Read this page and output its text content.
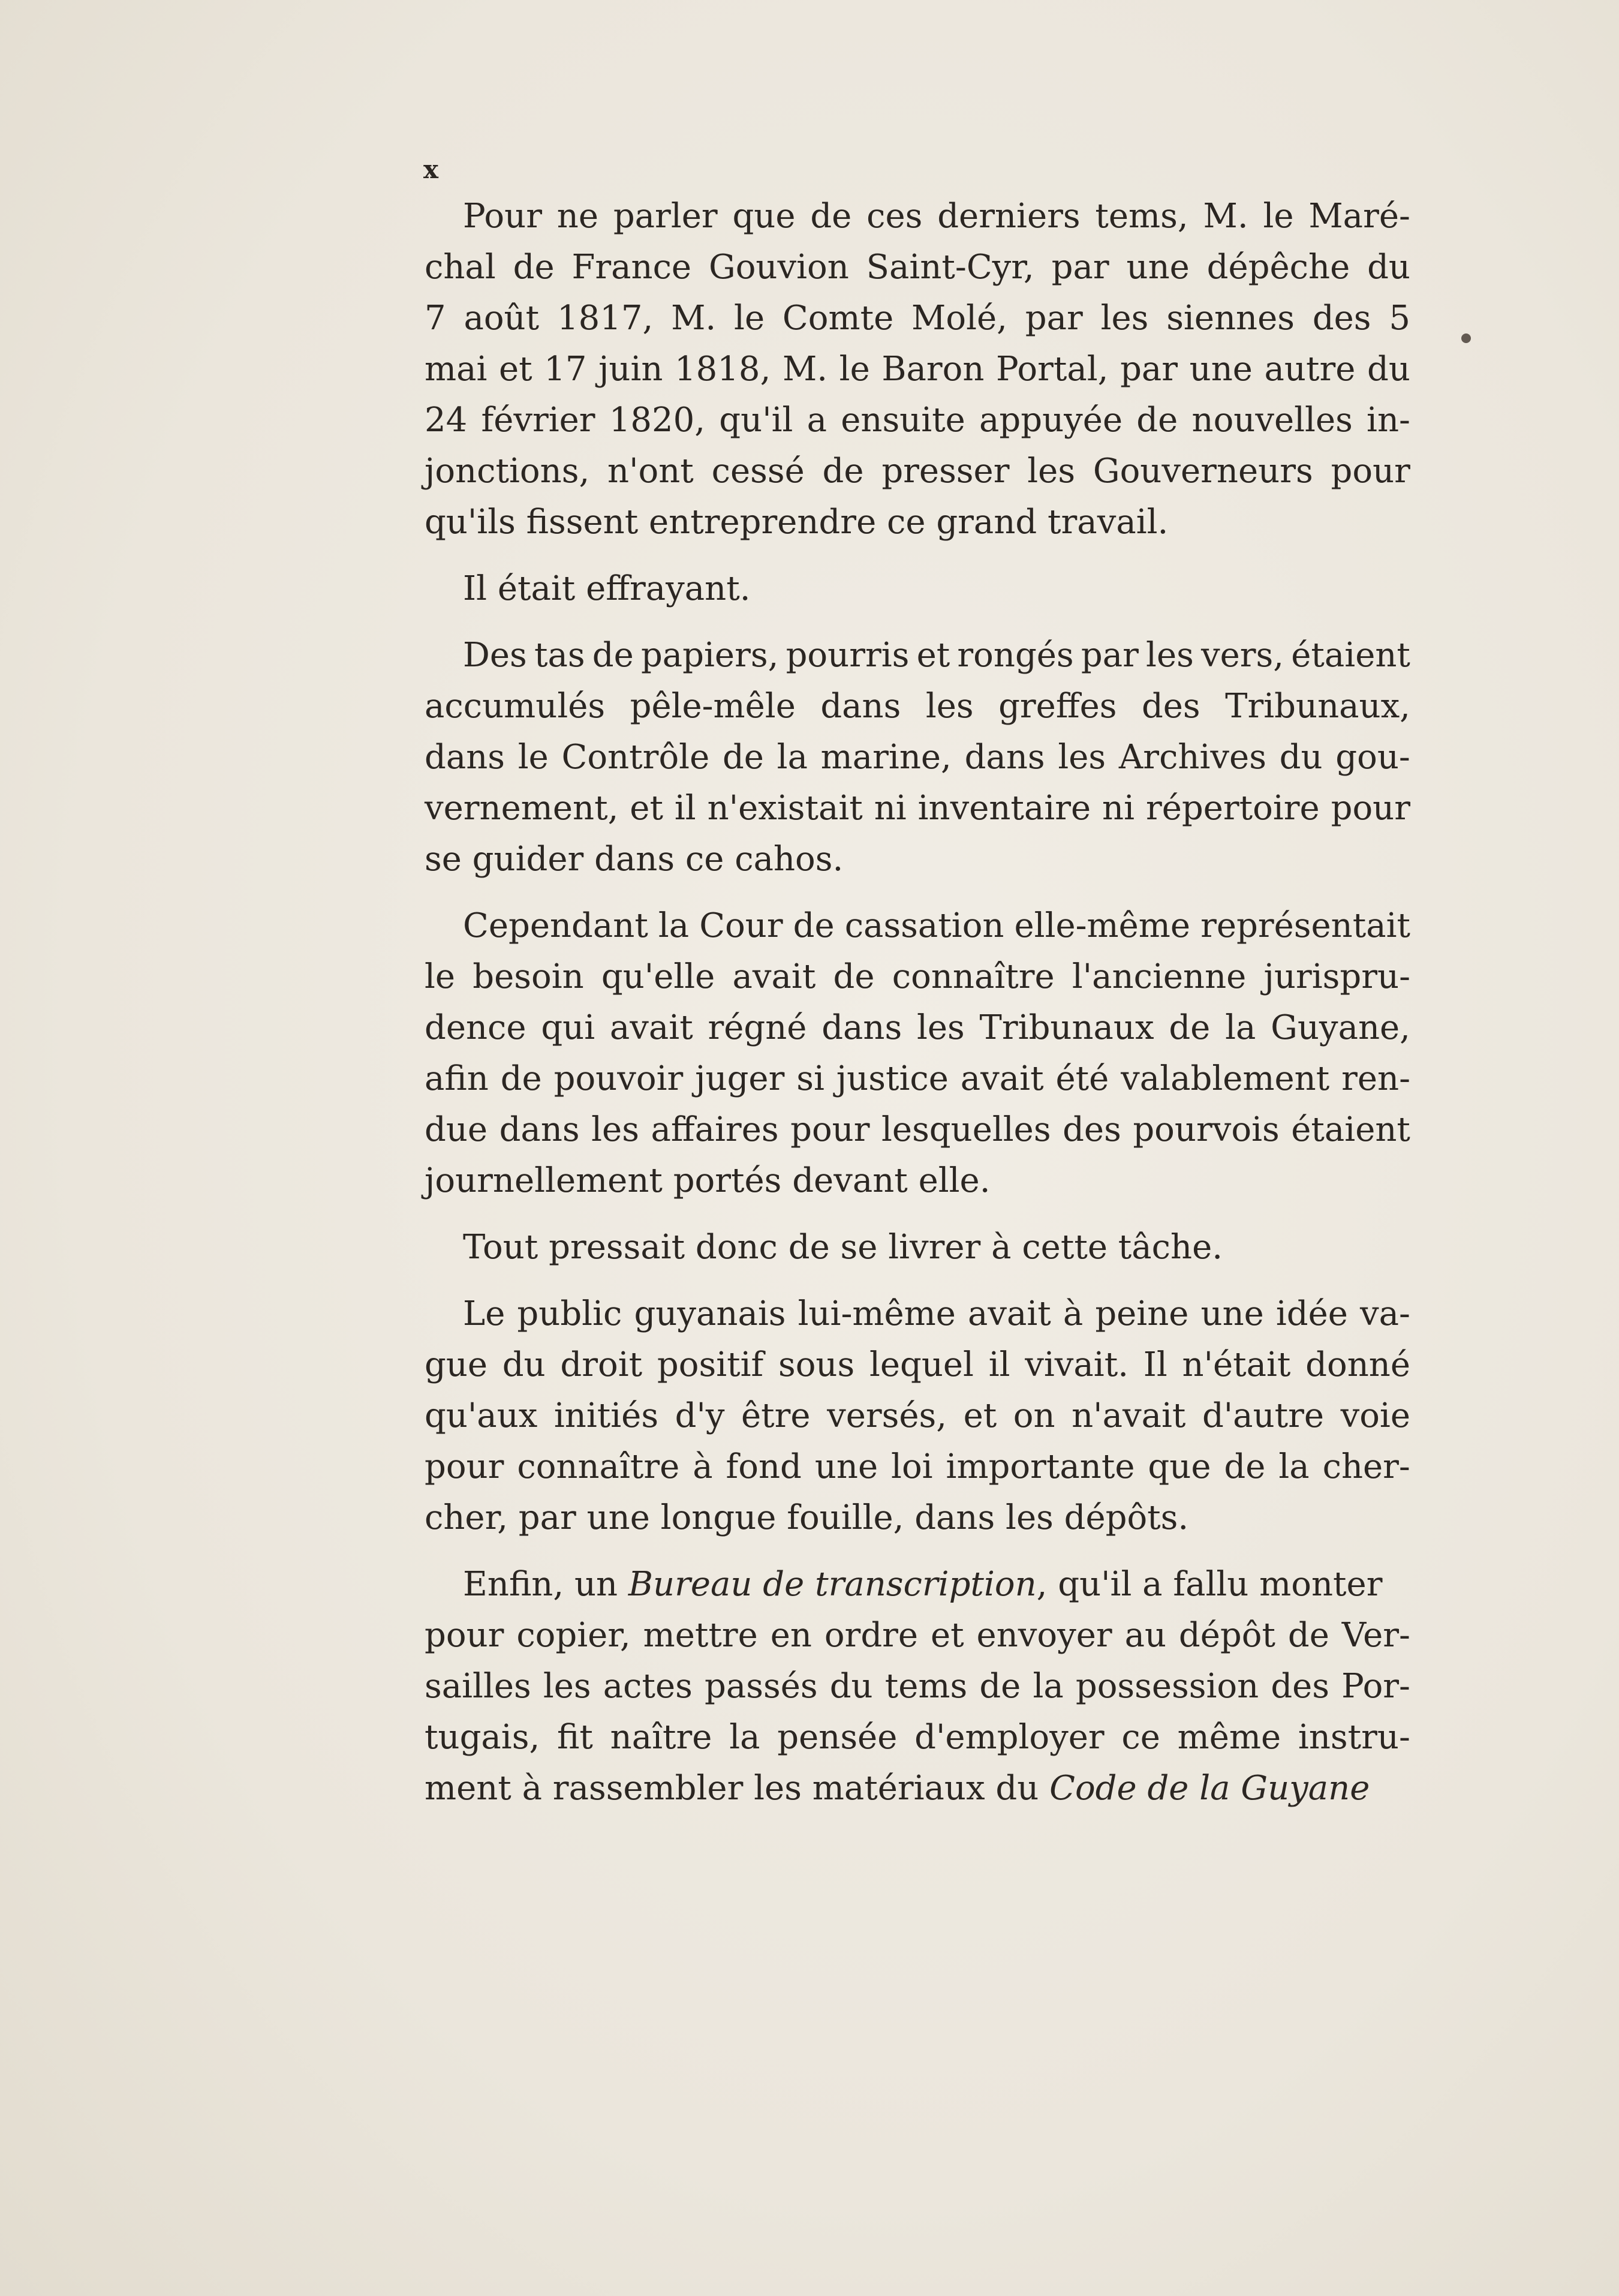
x
Pour ne parler que de ces derniers tems, M. le Maré-
chal de France Gouvion Saint-Cyr, par une dépêche du
7 août 1817, M. le Comte Molé, par les siennes des 5
mai et 17 juin 1818, M. le Baron Portal, par une autre du
24 février 1820, qu'il a ensuite appuyée de nouvelles in-
jonctions, n'ont cessé de presser les Gouverneurs pour
qu'ils fissent entreprendre ce grand travail.
Il était effrayant.
Des tas de papiers, pourris et rongés par les vers, étaient
accumulés pêle-mêle dans les greffes des Tribunaux,
dans le Contrôle de la marine, dans les Archives du gou-
vernement, et il n'existait ni inventaire ni répertoire pour
se guider dans ce cahos.
Cependant la Cour de cassation elle-même représentait
le besoin qu'elle avait de connaître l'ancienne jurispru-
dence qui avait régné dans les Tribunaux de la Guyane,
afin de pouvoir juger si justice avait été valablement ren-
due dans les affaires pour lesquelles des pourvois étaient
journellement portés devant elle.
Tout pressait donc de se livrer à cette tâche.
Le public guyanais lui-même avait à peine une idée va-
gue du droit positif sous lequel il vivait. Il n'était donné
qu'aux initiés d'y être versés, et on n'avait d'autre voie
pour connaître à fond une loi importante que de la cher-
cher, par une longue fouille, dans les dépôts.
Enfin, un Bureau de transcription, qu'il a fallu monter
pour copier, mettre en ordre et envoyer au dépôt de Ver-
sailles les actes passés du tems de la possession des Por-
tugais, fit naître la pensée d'employer ce même instru-
ment à rassembler les matériaux du Code de la Guyane
